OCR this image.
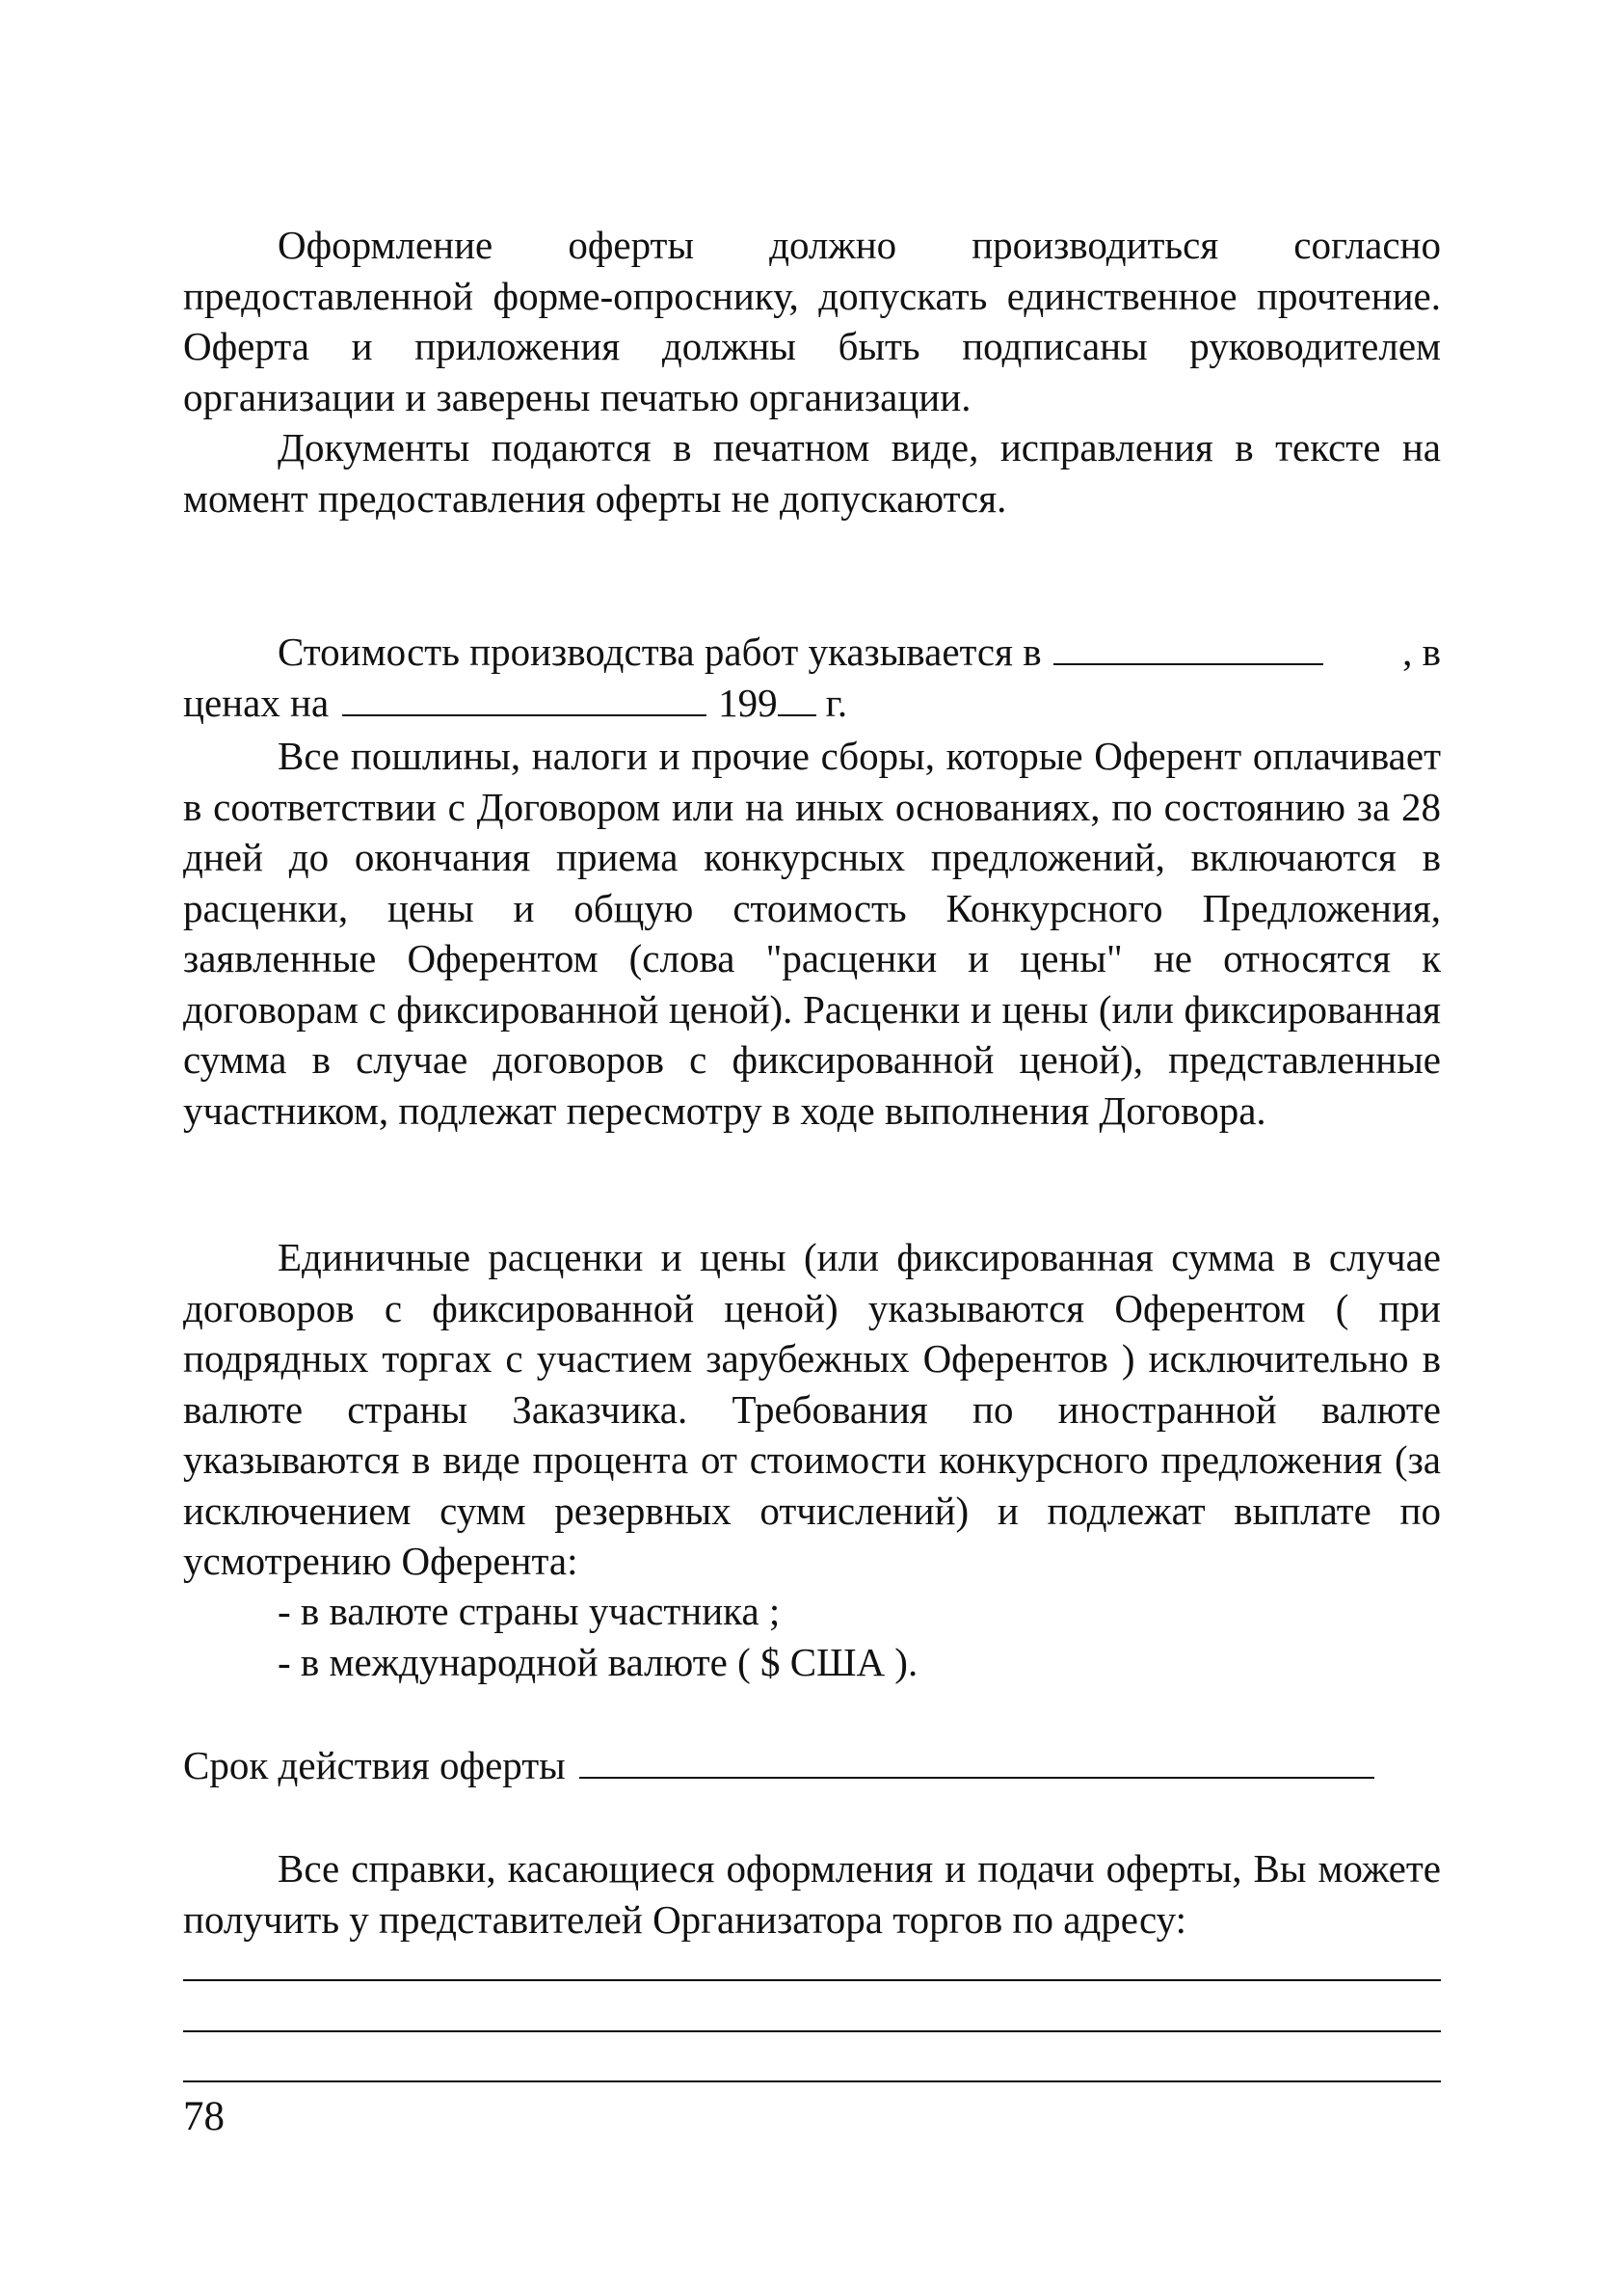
Оформление оферты должно производиться согласно предоставленной форме-опроснику, допускать единственное прочтение. Оферта и приложения должны быть подписаны руководителем организации и заверены печатью организации.

Документы подаются в печатном виде, исправления в тексте на момент предоставления оферты не допускаются.

Стоимость производства работ указывается в	, в
ценах на	199 г.

Все пошлины, налоги и прочие сборы, которые Оферент оплачивает в соответствии с Договором или на иных основаниях, по состоянию за 28 дней до окончания приема конкурсных предложений, включаются в расценки, цены и общую стоимость Конкурсного Предложения, заявленные Оферентом (слова "расценки и цены" не относятся к договорам с фиксированной ценой). Расценки и цены (или фиксированная сумма в случае договоров с фиксированной ценой), представленные участником, подлежат пересмотру в ходе выполнения Договора.

Единичные расценки и цены (или фиксированная сумма в случае договоров с фиксированной ценой) указываются Оферентом ( при подрядных торгах с участием зарубежных Оферентов ) исключительно в валюте страны Заказчика. Требования по иностранной валюте указываются в виде процента от стоимости конкурсного предложения (за исключением сумм резервных отчислений) и подлежат выплате по усмотрению Оферента:

- в валюте страны участника ;

- в международной валюте ( $ США ).

Срок действия оферты

Все справки, касающиеся оформления и подачи оферты, Вы можете получить у представителей Организатора торгов по адресу:

78
